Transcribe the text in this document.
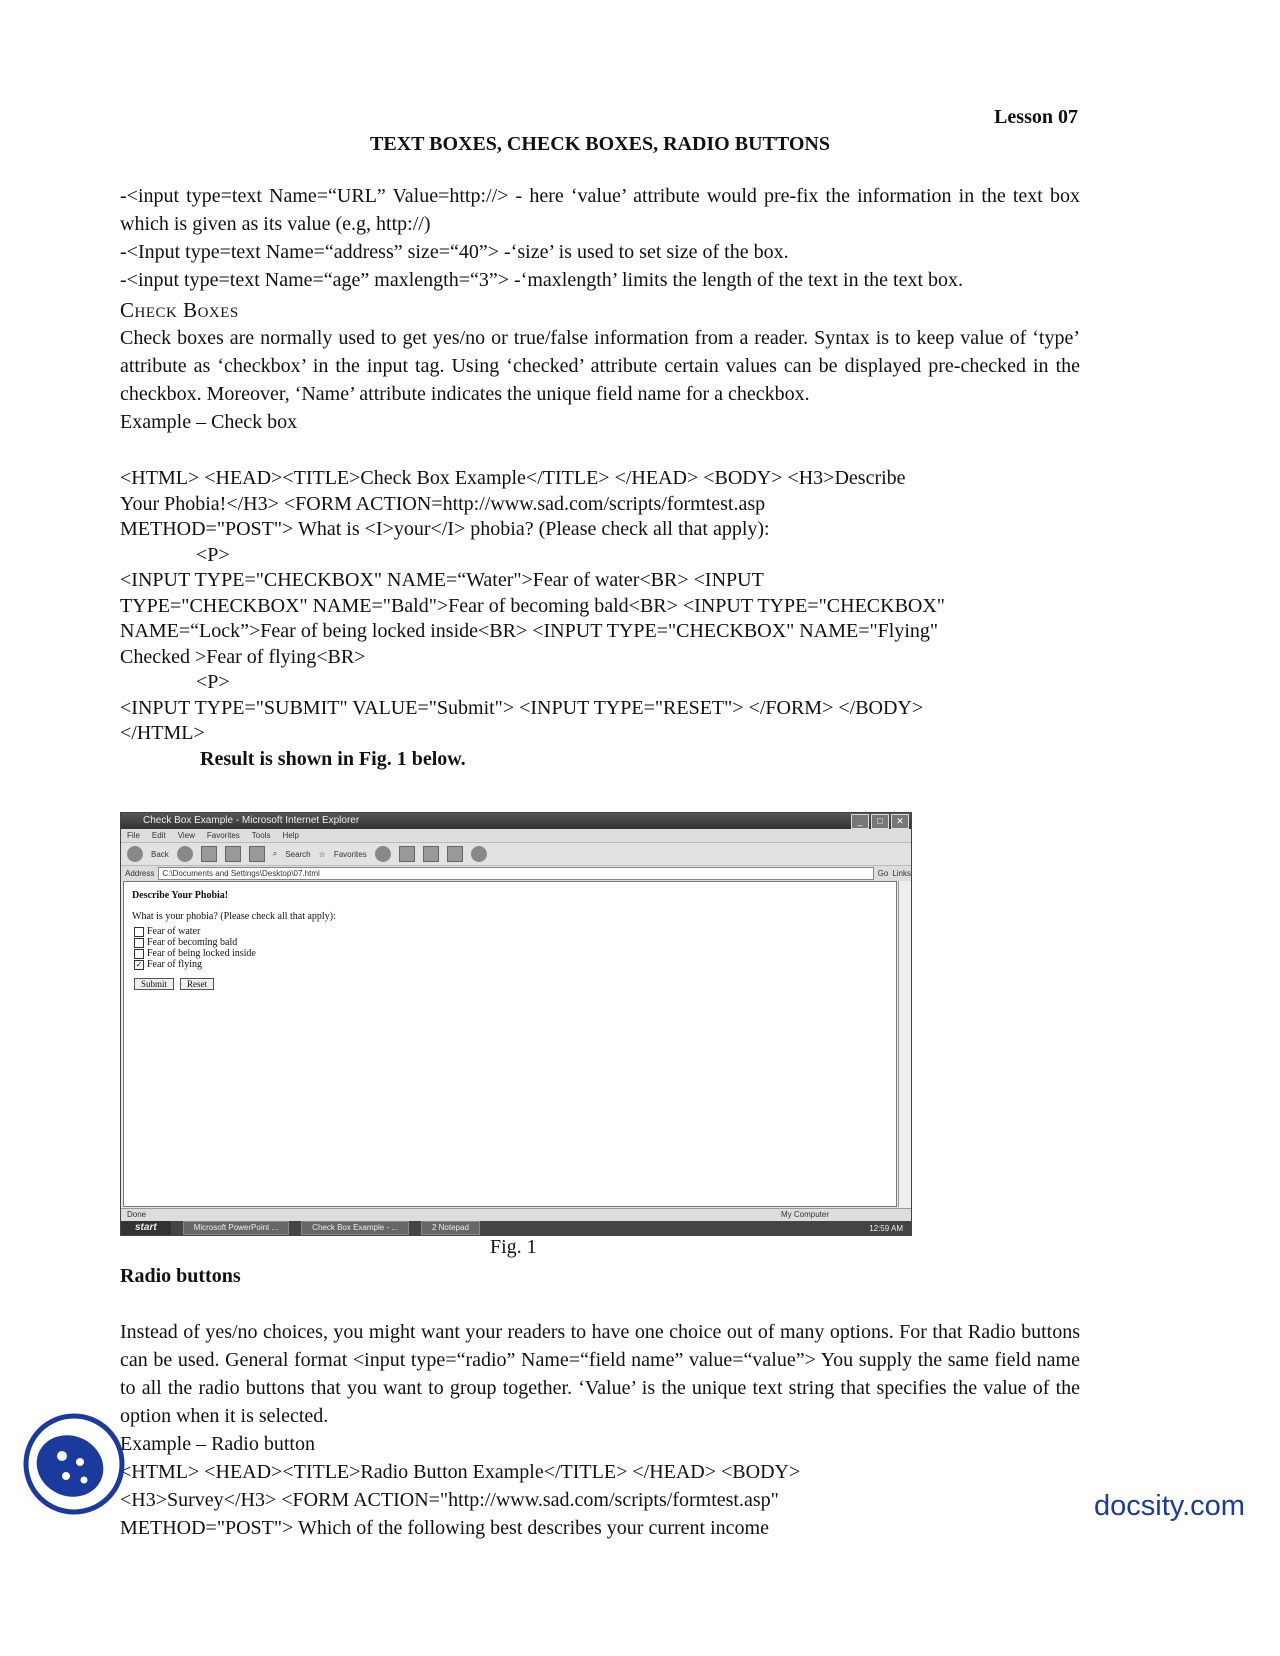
Lesson 07
TEXT BOXES, CHECK BOXES, RADIO BUTTONS

-<input type=text Name=“URL” Value=http://> - here ‘value’ attribute would pre-fix the information in the text box which is given as its value (e.g, http://)

-<Input type=text Name=“address” size=“40”> -‘size’ is used to set size of the box.

-<input type=text Name=“age” maxlength=“3”> -‘maxlength’ limits the length of the text in the text box.

Check Boxes

Check boxes are normally used to get yes/no or true/false information from a reader. Syntax is to keep value of ‘type’ attribute as ‘checkbox’ in the input tag. Using ‘checked’ attribute certain values can be displayed pre-checked in the checkbox. Moreover, ‘Name’ attribute indicates the unique field name for a checkbox.

Example – Check box

<HTML> <HEAD><TITLE>Check Box Example</TITLE> </HEAD> <BODY> <H3>Describe

Your Phobia!</H3> <FORM ACTION=http://www.sad.com/scripts/formtest.asp

METHOD="POST"> What is <I>your</I> phobia? (Please check all that apply):

<P>

<INPUT TYPE="CHECKBOX" NAME=“Water">Fear of water<BR> <INPUT

TYPE="CHECKBOX" NAME="Bald">Fear of becoming bald<BR> <INPUT TYPE="CHECKBOX"

NAME=“Lock”>Fear of being locked inside<BR> <INPUT TYPE="CHECKBOX" NAME="Flying"

Checked >Fear of flying<BR>

<P>

<INPUT TYPE="SUBMIT" VALUE="Submit"> <INPUT TYPE="RESET"> </FORM> </BODY>

</HTML>

Result is shown in Fig. 1 below.

Check Box Example - Microsoft Internet Explorer	_	□	✕
File Edit View Favorites Tools Help
Back	⌕ Search ☆ Favorites
Address	C:\Documents and Settings\Desktop\07.html	Go Links
Describe Your Phobia!
What is your phobia? (Please check all that apply):
Fear of water
Fear of becoming bald
Fear of being locked inside
✓ Fear of flying
Submit	Reset
Done	My Computer
start	Microsoft PowerPoint ...	Check Box Example - ...	2 Notepad	12:59 AM
Fig. 1

Radio buttons

Instead of yes/no choices, you might want your readers to have one choice out of many options. For that Radio buttons can be used. General format <input type=“radio” Name=“field name” value=“value”> You supply the same field name to all the radio buttons that you want to group together. ‘Value’ is the unique text string that specifies the value of the option when it is selected.

Example – Radio button

<HTML> <HEAD><TITLE>Radio Button Example</TITLE> </HEAD> <BODY>

<H3>Survey</H3> <FORM ACTION="http://www.sad.com/scripts/formtest.asp"

METHOD="POST"> Which of the following best describes your current income

docsity.com
